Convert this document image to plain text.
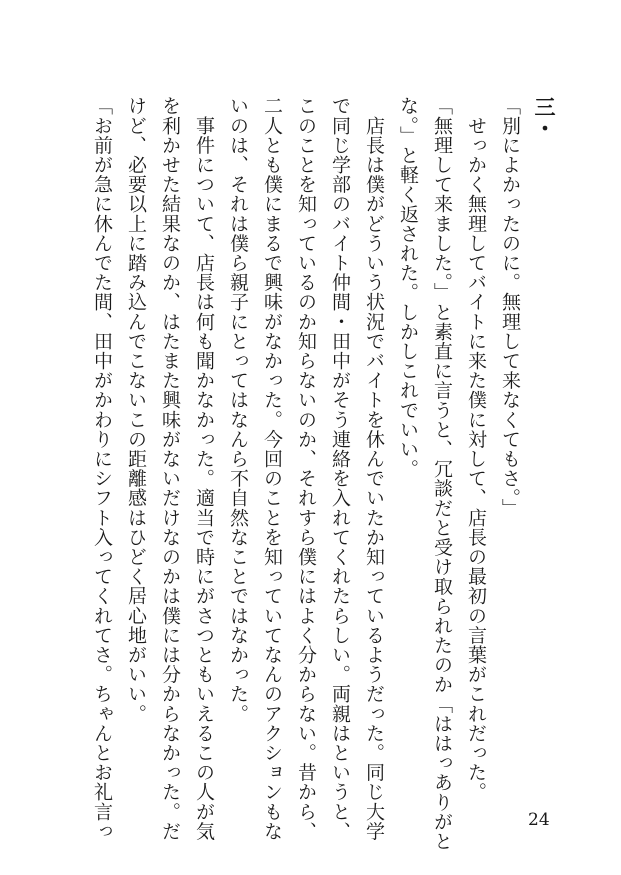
三・
「別によかったのに。無理して来なくてもさ。」
　せっかく無理してバイトに来た僕に対して、店長の最初の言葉がこれだった。
「無理して来ました。」と素直に言うと、冗談だと受け取られたのか「ははっありがと
な。」と軽く返された。しかしこれでいい。
　店長は僕がどういう状況でバイトを休んでいたか知っているようだった。同じ大学
で同じ学部のバイト仲間・田中がそう連絡を入れてくれたらしい。両親はというと、
このことを知っているのか知らないのか、それすら僕にはよく分からない。昔から、
二人とも僕にまるで興味がなかった。今回のことを知っていてなんのアクションもな
いのは、それは僕ら親子にとってはなんら不自然なことではなかった。
　事件について、店長は何も聞かなかった。適当で時にがさつともいえるこの人が気
を利かせた結果なのか、はたまた興味がないだけなのかは僕には分からなかった。だ
けど、必要以上に踏み込んでこないこの距離感はひどく居心地がいい。
「お前が急に休んでた間、田中がかわりにシフト入ってくれてさ。ちゃんとお礼言っ	24
